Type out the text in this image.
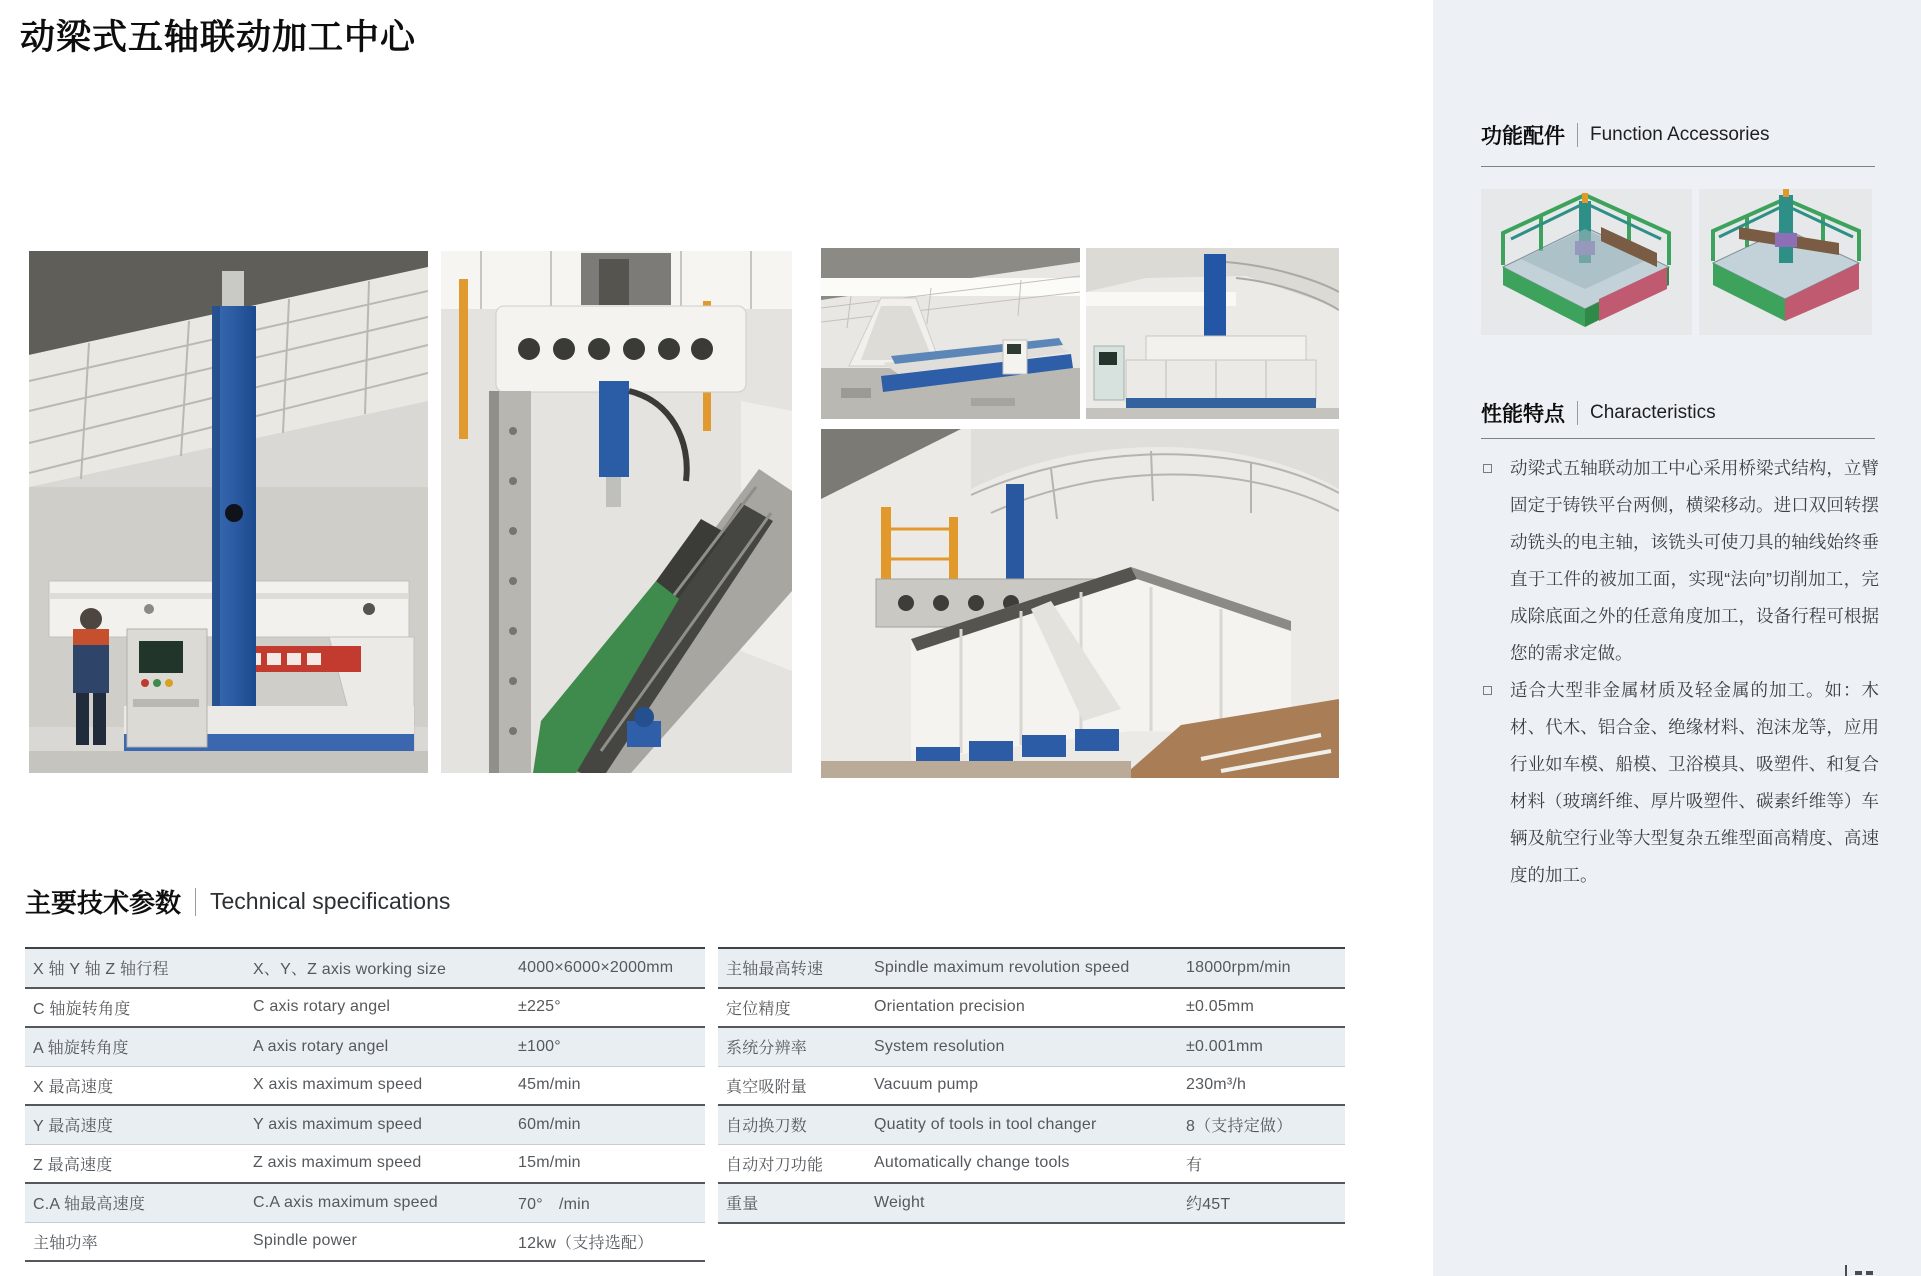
动梁式五轴联动加工中心
主要技术参数 Technical specifications
X 轴 Y 轴 Z 轴行程	X、Y、Z axis working size	4000×6000×2000mm
C 轴旋转角度	C axis rotary angel	±225°
A 轴旋转角度	A axis rotary angel	±100°
X 最高速度	X axis maximum speed	45m/min
Y 最高速度	Y axis maximum speed	60m/min
Z 最高速度	Z axis maximum speed	15m/min
C.A 轴最高速度	C.A axis maximum speed	70°　/min
主轴功率	Spindle power	12kw（支持选配）
主轴最高转速	Spindle maximum revolution speed	18000rpm/min
定位精度	Orientation precision	±0.05mm
系统分辨率	System resolution	±0.001mm
真空吸附量	Vacuum pump	230m³/h
自动换刀数	Quatity of tools in tool changer	8（支持定做）
自动对刀功能	Automatically change tools	有
重量	Weight	约45T
功能配件 Function Accessories
性能特点 Characteristics
动梁式五轴联动加工中心采用桥梁式结构，立臂固定于铸铁平台两侧，横梁移动。进口双回转摆动铣头的电主轴，该铣头可使刀具的轴线始终垂直于工件的被加工面，实现“法向”切削加工，完成除底面之外的任意角度加工，设备行程可根据您的需求定做。
适合大型非金属材质及轻金属的加工。如：木材、代木、铝合金、绝缘材料、泡沫龙等，应用行业如车模、船模、卫浴模具、吸塑件、和复合材料（玻璃纤维、厚片吸塑件、碳素纤维等）车辆及航空行业等大型复杂五维型面高精度、高速度的加工。
